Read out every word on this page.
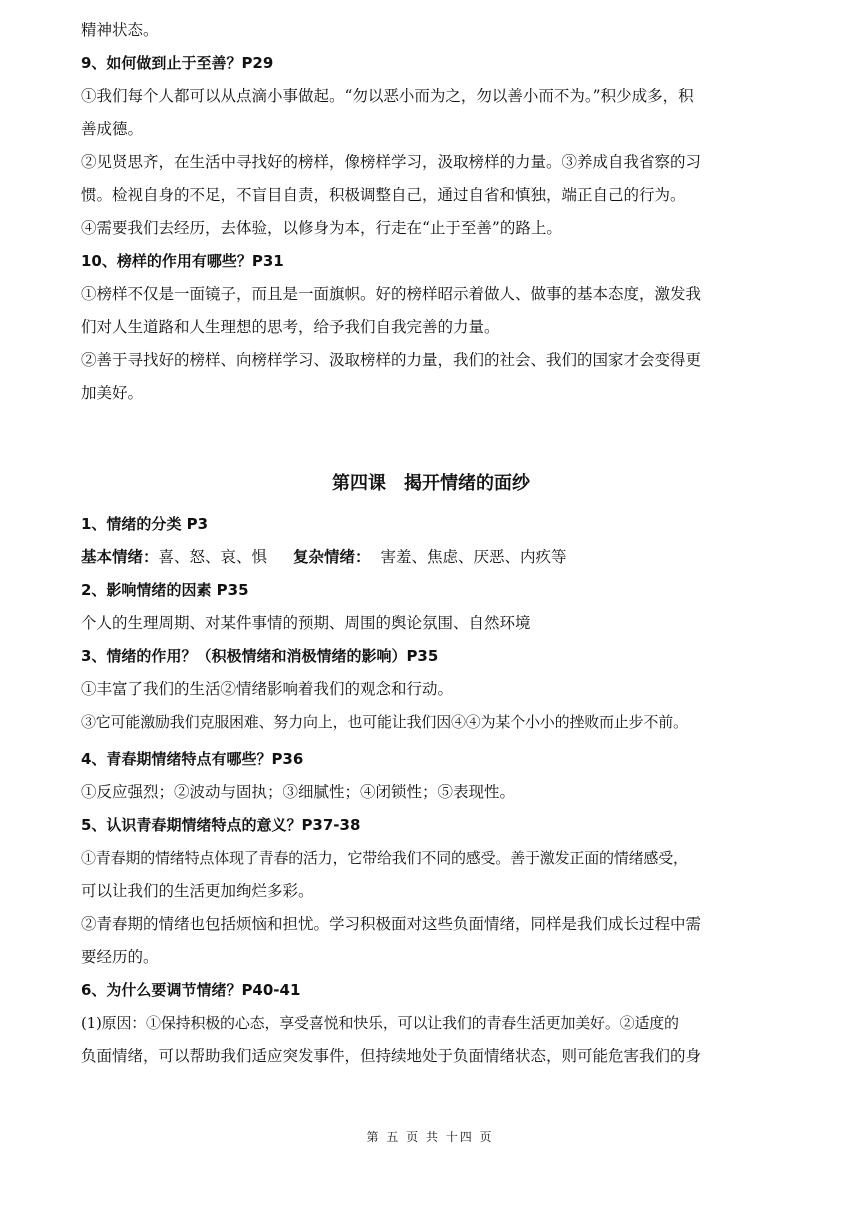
精神状态。

9、如何做到止于至善？P29

①我们每个人都可以从点滴小事做起。“勿以恶小而为之，勿以善小而不为。”积少成多，积

善成德。

②见贤思齐，在生活中寻找好的榜样，像榜样学习，汲取榜样的力量。③养成自我省察的习

惯。检视自身的不足，不盲目自责，积极调整自己，通过自省和慎独，端正自己的行为。

④需要我们去经历，去体验，以修身为本，行走在“止于至善”的路上。

10、榜样的作用有哪些？P31

①榜样不仅是一面镜子，而且是一面旗帜。好的榜样昭示着做人、做事的基本态度，激发我

们对人生道路和人生理想的思考，给予我们自我完善的力量。

②善于寻找好的榜样、向榜样学习、汲取榜样的力量，我们的社会、我们的国家才会变得更

加美好。

第四课　揭开情绪的面纱

1、情绪的分类 P3

基本情绪：喜、怒、哀、惧 复杂情绪： 害羞、焦虑、厌恶、内疚等

2、影响情绪的因素 P35

个人的生理周期、对某件事情的预期、周围的舆论氛围、自然环境

3、情绪的作用？（积极情绪和消极情绪的影响）P35

①丰富了我们的生活②情绪影响着我们的观念和行动。

③它可能激励我们克服困难、努力向上，也可能让我们因④④为某个小小的挫败而止步不前。

4、青春期情绪特点有哪些？P36

①反应强烈；②波动与固执；③细腻性；④闭锁性；⑤表现性。

5、认识青春期情绪特点的意义？P37-38

①青春期的情绪特点体现了青春的活力，它带给我们不同的感受。善于激发正面的情绪感受，

可以让我们的生活更加绚烂多彩。

②青春期的情绪也包括烦恼和担忧。学习积极面对这些负面情绪，同样是我们成长过程中需

要经历的。

6、为什么要调节情绪？P40-41

(1)原因：①保持积极的心态，享受喜悦和快乐，可以让我们的青春生活更加美好。②适度的

负面情绪，可以帮助我们适应突发事件，但持续地处于负面情绪状态，则可能危害我们的身

第 五 页 共 十四 页
